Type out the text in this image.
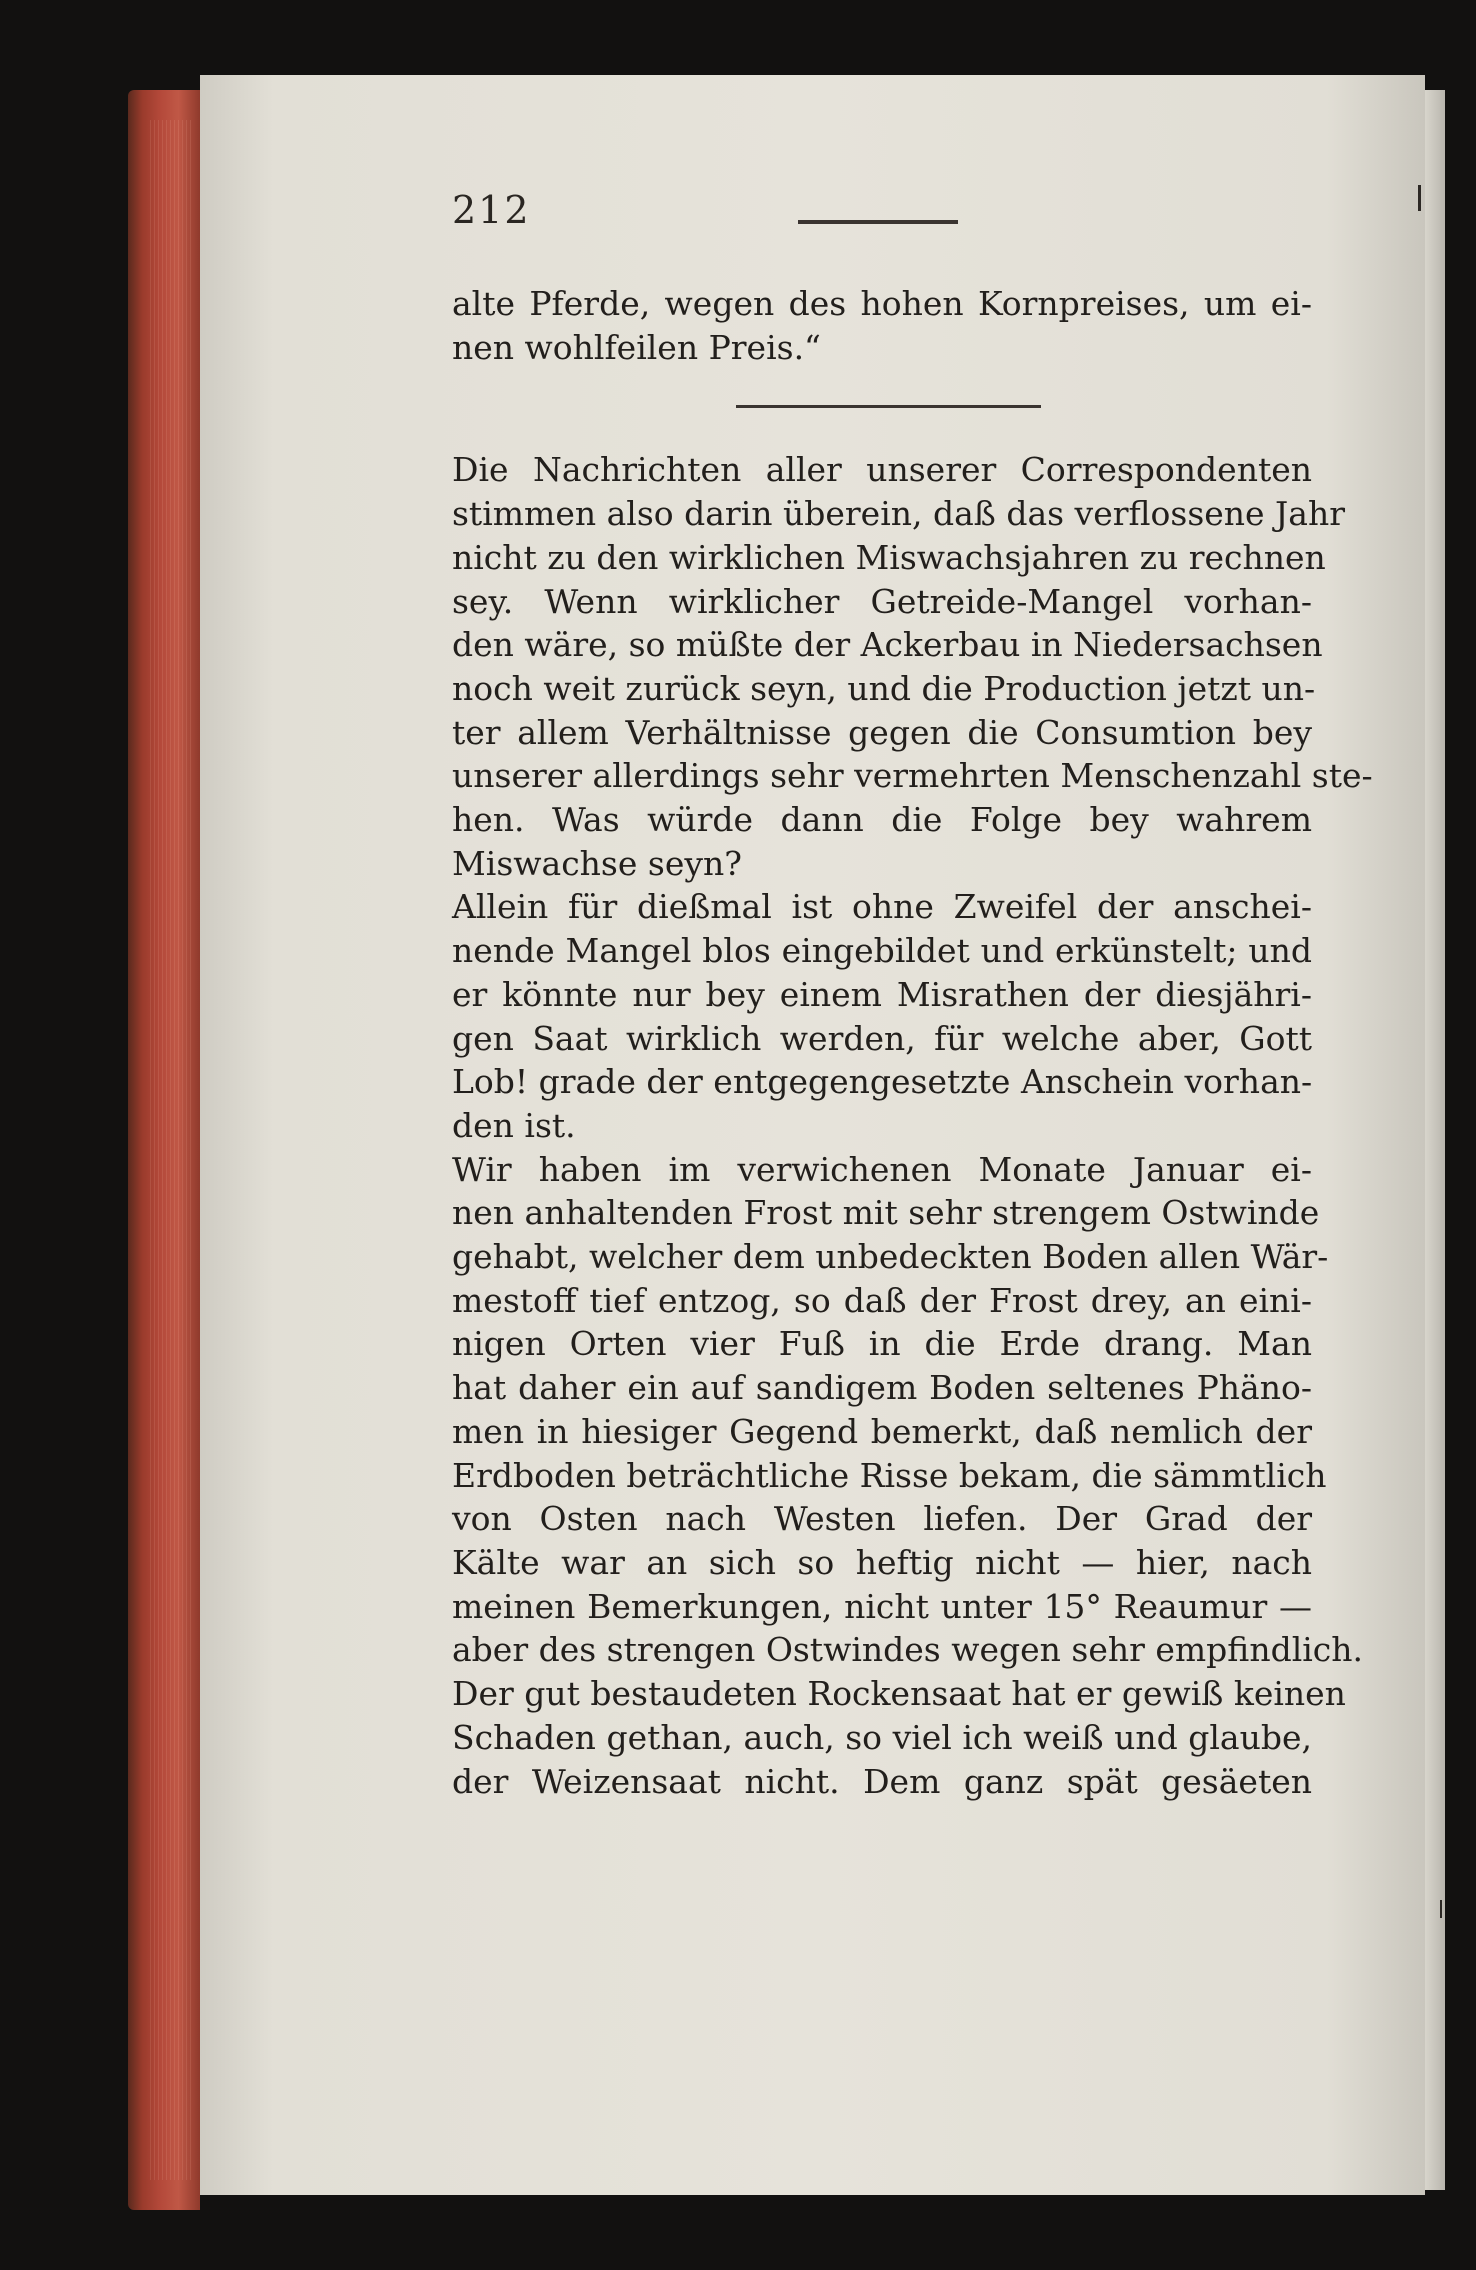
212

alte Pferde, wegen des hohen Kornpreises, um ei-
nen wohlfeilen Preis.“

Die Nachrichten aller unserer Correspondenten
stimmen also darin überein, daß das verflossene Jahr
nicht zu den wirklichen Miswachsjahren zu rechnen
sey. Wenn wirklicher Getreide-Mangel vorhan-
den wäre, so müßte der Ackerbau in Niedersachsen
noch weit zurück seyn, und die Production jetzt un-
ter allem Verhältnisse gegen die Consumtion bey
unserer allerdings sehr vermehrten Menschenzahl ste-
hen. Was würde dann die Folge bey wahrem
Miswachse seyn?

Allein für dießmal ist ohne Zweifel der anschei-
nende Mangel blos eingebildet und erkünstelt; und
er könnte nur bey einem Misrathen der diesjähri-
gen Saat wirklich werden, für welche aber, Gott
Lob! grade der entgegengesetzte Anschein vorhan-
den ist.

Wir haben im verwichenen Monate Januar ei-
nen anhaltenden Frost mit sehr strengem Ostwinde
gehabt, welcher dem unbedeckten Boden allen Wär-
mestoff tief entzog, so daß der Frost drey, an eini-
nigen Orten vier Fuß in die Erde drang. Man
hat daher ein auf sandigem Boden seltenes Phäno-
men in hiesiger Gegend bemerkt, daß nemlich der
Erdboden beträchtliche Risse bekam, die sämmtlich
von Osten nach Westen liefen. Der Grad der
Kälte war an sich so heftig nicht — hier, nach
meinen Bemerkungen, nicht unter 15° Reaumur —
aber des strengen Ostwindes wegen sehr empfindlich.
Der gut bestaudeten Rockensaat hat er gewiß keinen
Schaden gethan, auch, so viel ich weiß und glaube,
der Weizensaat nicht. Dem ganz spät gesäeten
